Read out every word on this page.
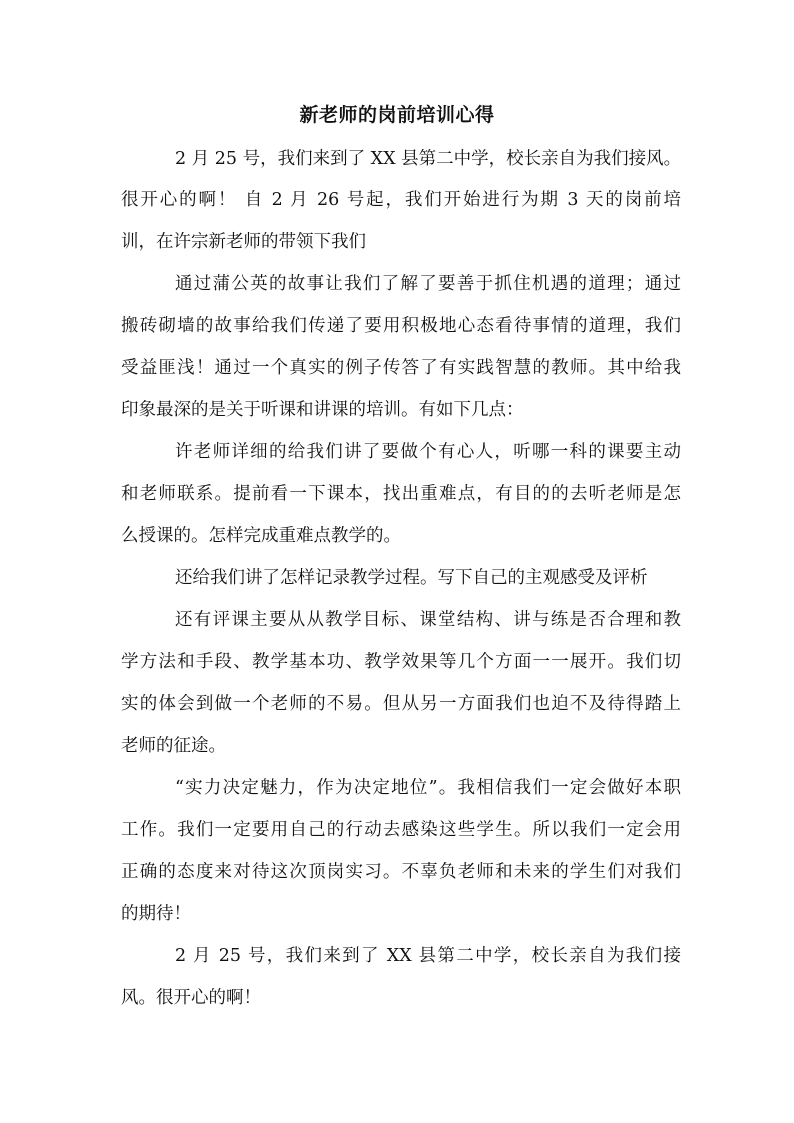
新老师的岗前培训心得
2 月 25 号，我们来到了 XX 县第二中学，校长亲自为我们接风。
很开心的啊！ 自 2 月 26 号起，我们开始进行为期 3 天的岗前培
训，在许宗新老师的带领下我们
通过蒲公英的故事让我们了解了要善于抓住机遇的道理；通过
搬砖砌墙的故事给我们传递了要用积极地心态看待事情的道理，我们
受益匪浅！通过一个真实的例子传答了有实践智慧的教师。其中给我
印象最深的是关于听课和讲课的培训。有如下几点：
许老师详细的给我们讲了要做个有心人，听哪一科的课要主动
和老师联系。提前看一下课本，找出重难点，有目的的去听老师是怎
么授课的。怎样完成重难点教学的。
还给我们讲了怎样记录教学过程。写下自己的主观感受及评析
还有评课主要从从教学目标、课堂结构、讲与练是否合理和教
学方法和手段、教学基本功、教学效果等几个方面一一展开。我们切
实的体会到做一个老师的不易。但从另一方面我们也迫不及待得踏上
老师的征途。
“实力决定魅力，作为决定地位”。我相信我们一定会做好本职
工作。我们一定要用自己的行动去感染这些学生。所以我们一定会用
正确的态度来对待这次顶岗实习。不辜负老师和未来的学生们对我们
的期待！
2 月 25 号，我们来到了 XX 县第二中学，校长亲自为我们接
风。很开心的啊！
